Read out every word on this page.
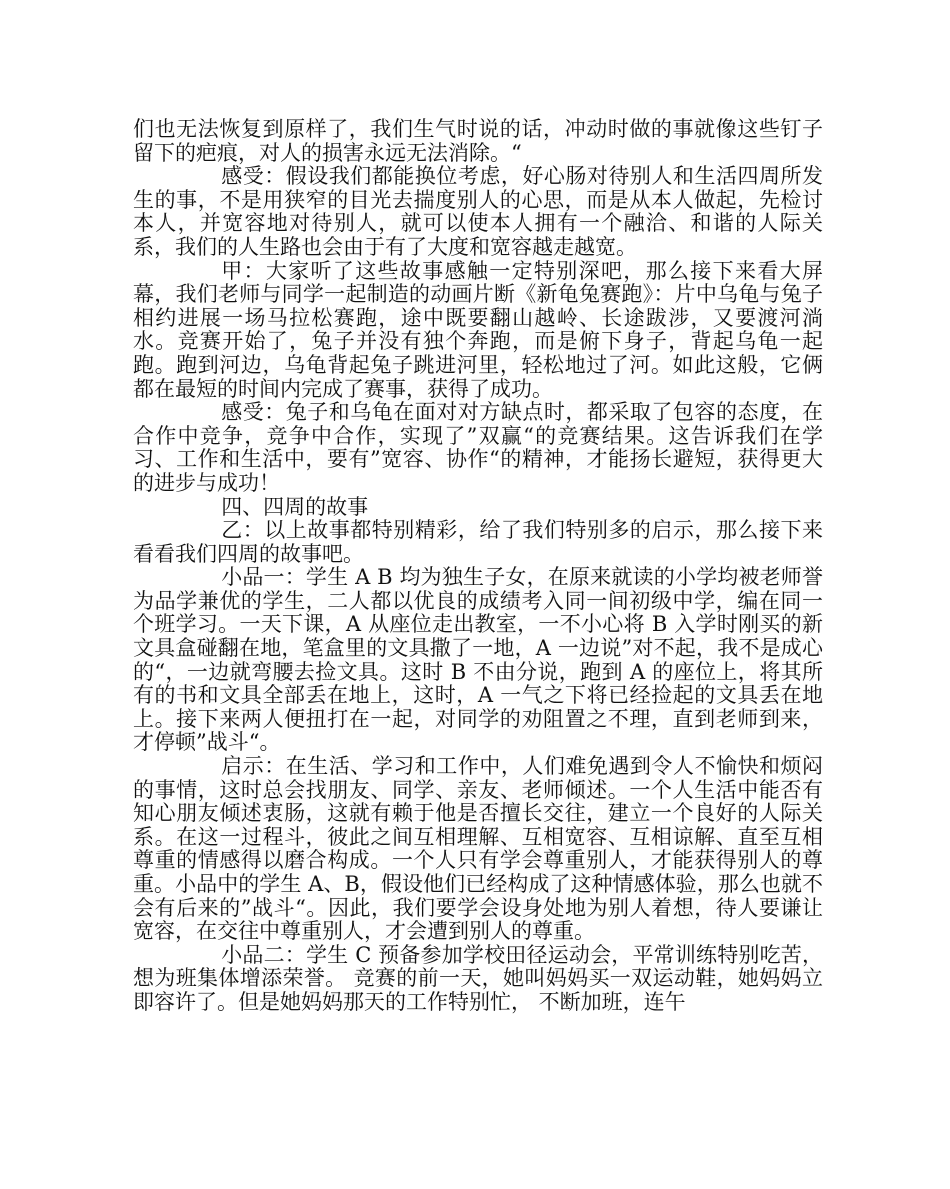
们也无法恢复到原样了，我们生气时说的话，冲动时做的事就像这些钉子留下的疤痕，对人的损害永远无法消除。“

感受：假设我们都能换位考虑，好心肠对待别人和生活四周所发生的事，不是用狭窄的目光去揣度别人的心思，而是从本人做起，先检讨本人，并宽容地对待别人，就可以使本人拥有一个融洽、和谐的人际关系，我们的人生路也会由于有了大度和宽容越走越宽。

甲：大家听了这些故事感触一定特别深吧，那么接下来看大屏幕，我们老师与同学一起制造的动画片断《新龟兔赛跑》：片中乌龟与兔子相约进展一场马拉松赛跑，途中既要翻山越岭、长途跋涉，又要渡河淌水。竞赛开始了，兔子并没有独个奔跑，而是俯下身子，背起乌龟一起跑。跑到河边，乌龟背起兔子跳进河里，轻松地过了河。如此这般，它俩都在最短的时间内完成了赛事，获得了成功。

感受：兔子和乌龟在面对对方缺点时，都采取了包容的态度，在合作中竞争，竞争中合作，实现了”双赢“的竞赛结果。这告诉我们在学习、工作和生活中，要有”宽容、协作“的精神，才能扬长避短，获得更大的进步与成功！

四、四周的故事

乙：以上故事都特别精彩，给了我们特别多的启示，那么接下来看看我们四周的故事吧。

小品一：学生 A B 均为独生子女，在原来就读的小学均被老师誉为品学兼优的学生，二人都以优良的成绩考入同一间初级中学，编在同一个班学习。一天下课，A 从座位走出教室，一不小心将 B 入学时刚买的新文具盒碰翻在地，笔盒里的文具撒了一地，A 一边说”对不起，我不是成心的“，一边就弯腰去捡文具。这时 B 不由分说，跑到 A 的座位上，将其所有的书和文具全部丢在地上，这时，A 一气之下将已经捡起的文具丢在地上。接下来两人便扭打在一起，对同学的劝阻置之不理，直到老师到来，才停顿”战斗“。

启示：在生活、学习和工作中，人们难免遇到令人不愉快和烦闷的事情，这时总会找朋友、同学、亲友、老师倾述。一个人生活中能否有知心朋友倾述衷肠，这就有赖于他是否擅长交往，建立一个良好的人际关系。在这一过程斗，彼此之间互相理解、互相宽容、互相谅解、直至互相尊重的情感得以磨合构成。一个人只有学会尊重别人，才能获得别人的尊重。小品中的学生 A、B，假设他们已经构成了这种情感体验，那么也就不会有后来的”战斗“。因此，我们要学会设身处地为别人着想，待人要谦让宽容，在交往中尊重别人，才会遭到别人的尊重。

小品二：学生 C 预备参加学校田径运动会，平常训练特别吃苦，想为班集体增添荣誉。 竞赛的前一天，她叫妈妈买一双运动鞋，她妈妈立即容许了。但是她妈妈那天的工作特别忙， 不断加班，连午
